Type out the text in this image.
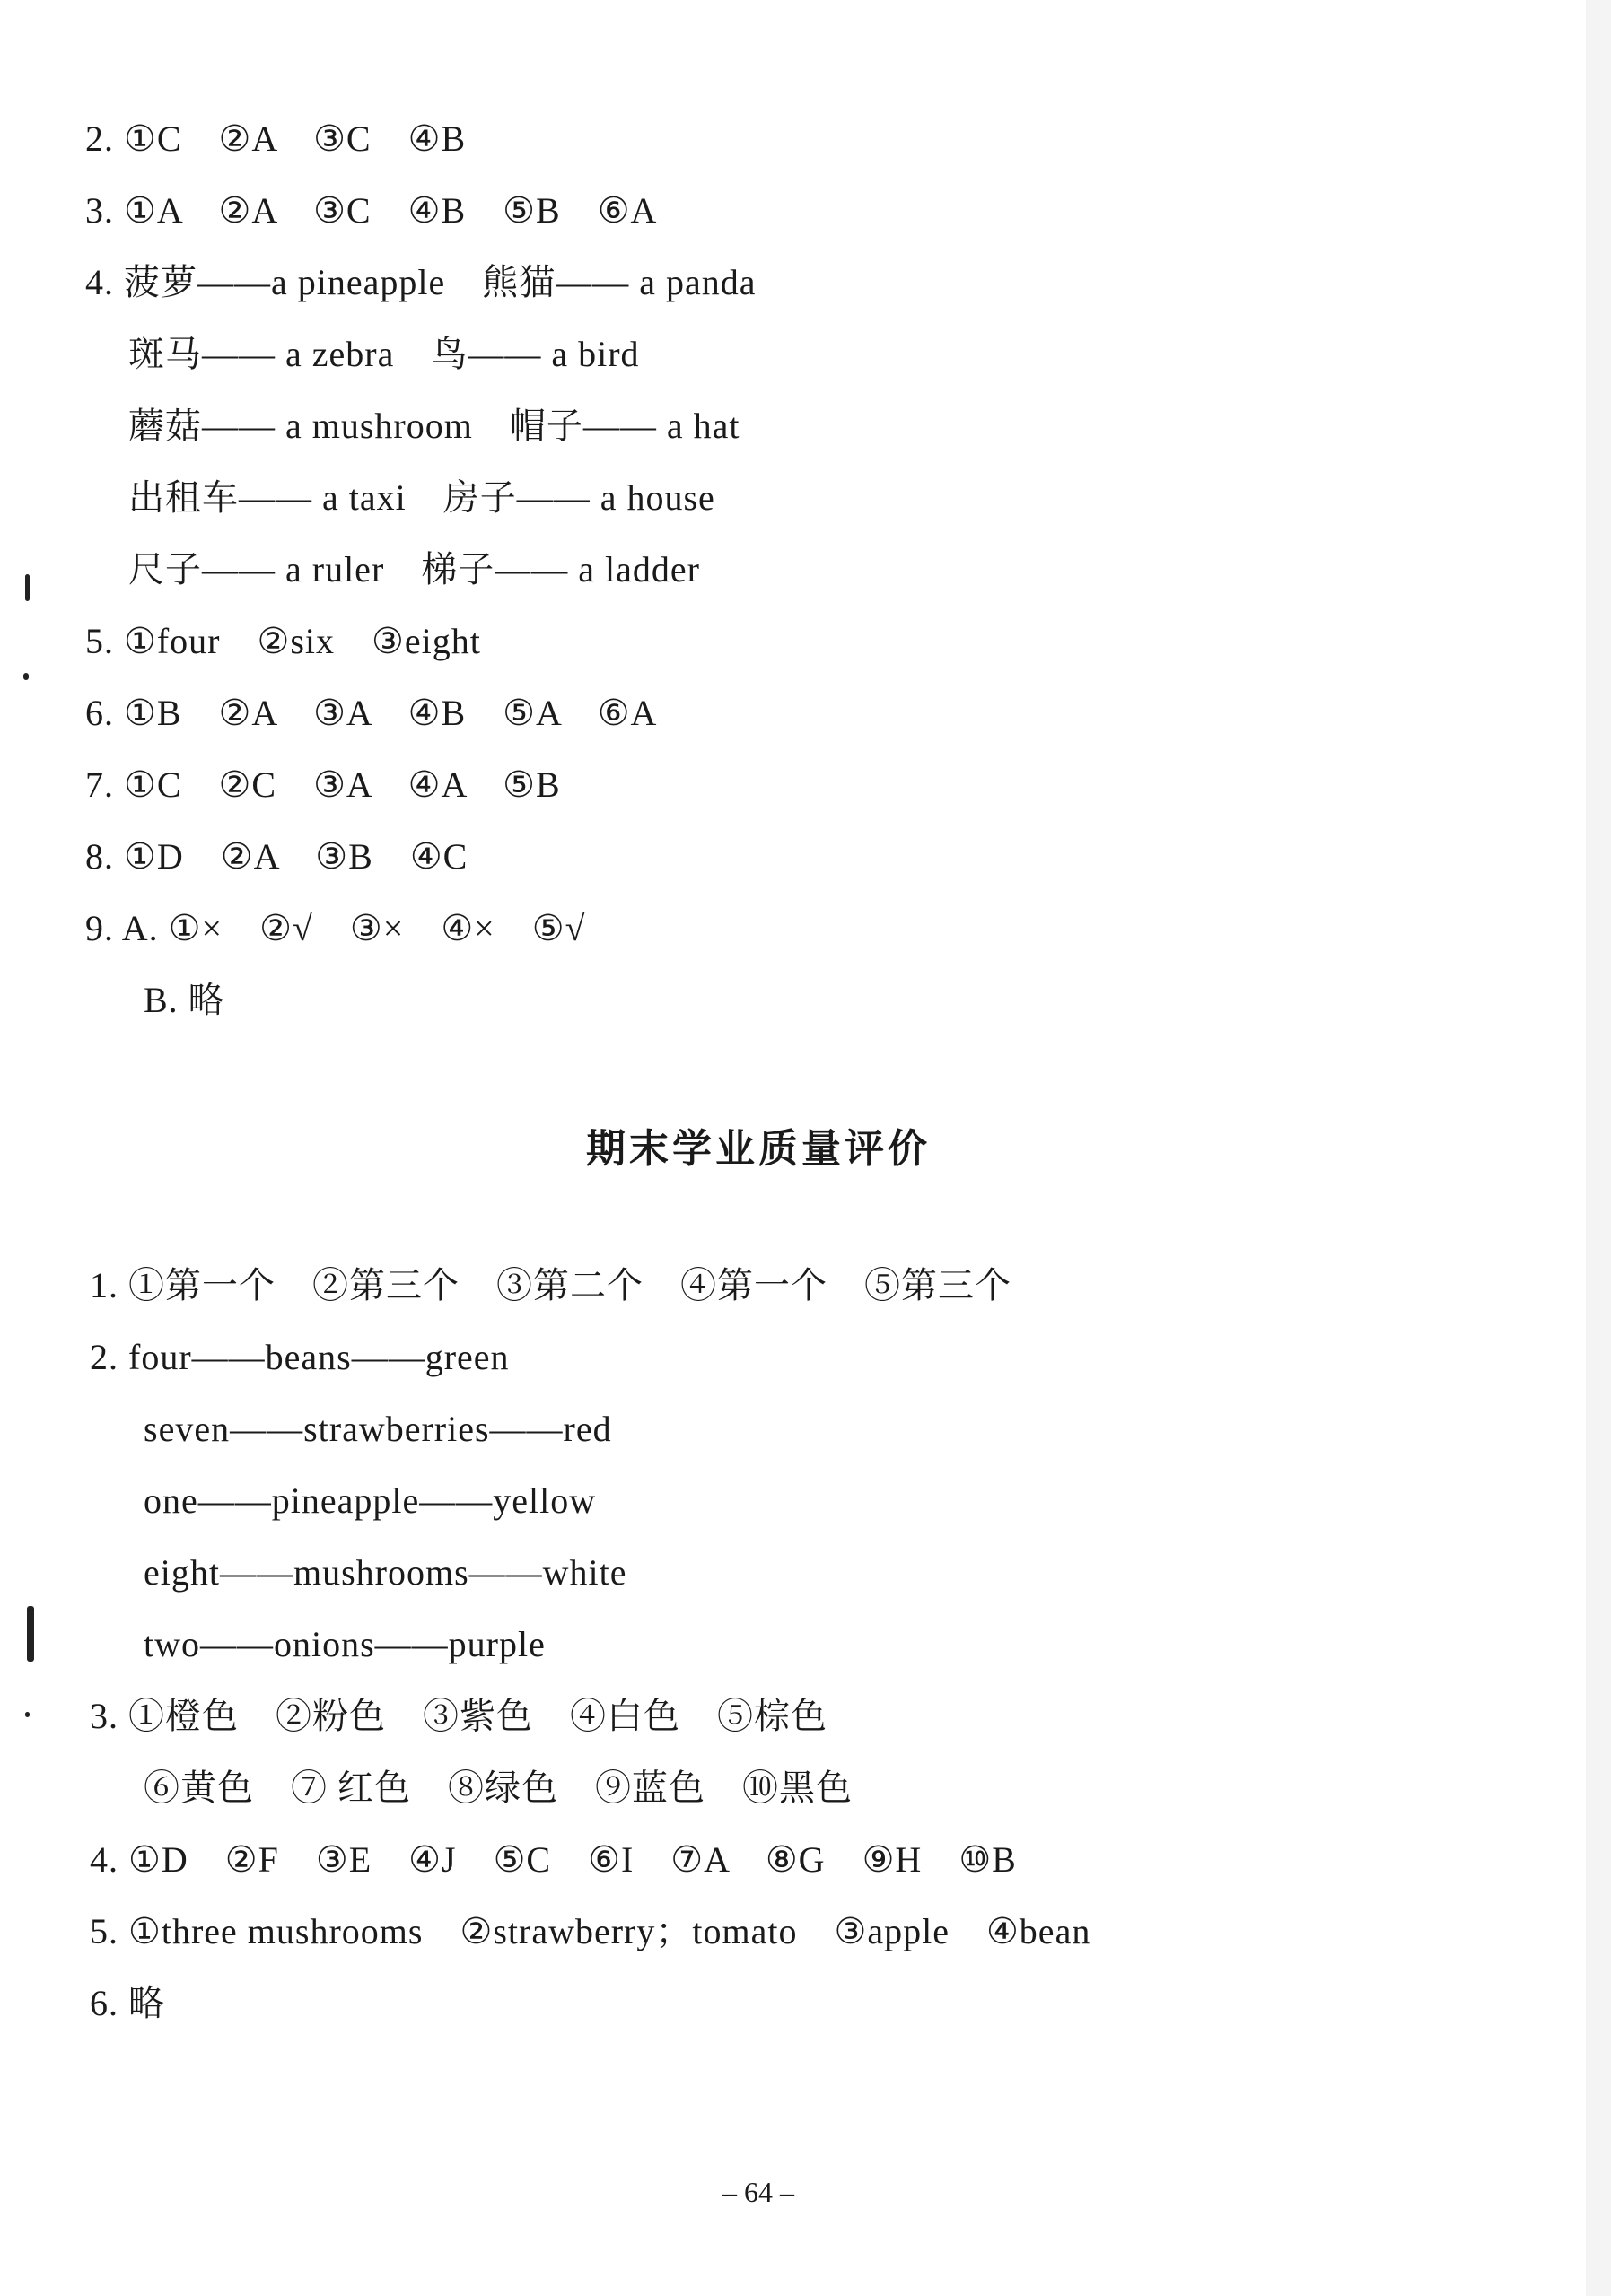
2. ①C　②A　③C　④B
3. ①A　②A　③C　④B　⑤B　⑥A
4. 菠萝——a pineapple　熊猫—— a panda
斑马—— a zebra　鸟—— a bird
蘑菇—— a mushroom　帽子—— a hat
出租车—— a taxi　房子—— a house
尺子—— a ruler　梯子—— a ladder
5. ①four　②six　③eight
6. ①B　②A　③A　④B　⑤A　⑥A
7. ①C　②C　③A　④A　⑤B
8. ①D　②A　③B　④C
9. A. ①×　②√　③×　④×　⑤√
B. 略
期末学业质量评价
1. ①第一个　②第三个　③第二个　④第一个　⑤第三个
2. four——beans——green
seven——strawberries——red
one——pineapple——yellow
eight——mushrooms——white
two——onions——purple
3. ①橙色　②粉色　③紫色　④白色　⑤棕色
⑥黄色　⑦ 红色　⑧绿色　⑨蓝色　⑩黑色
4. ①D　②F　③E　④J　⑤C　⑥I　⑦A　⑧G　⑨H　⑩B
5. ①three mushrooms　②strawberry；tomato　③apple　④bean
6. 略
– 64 –
